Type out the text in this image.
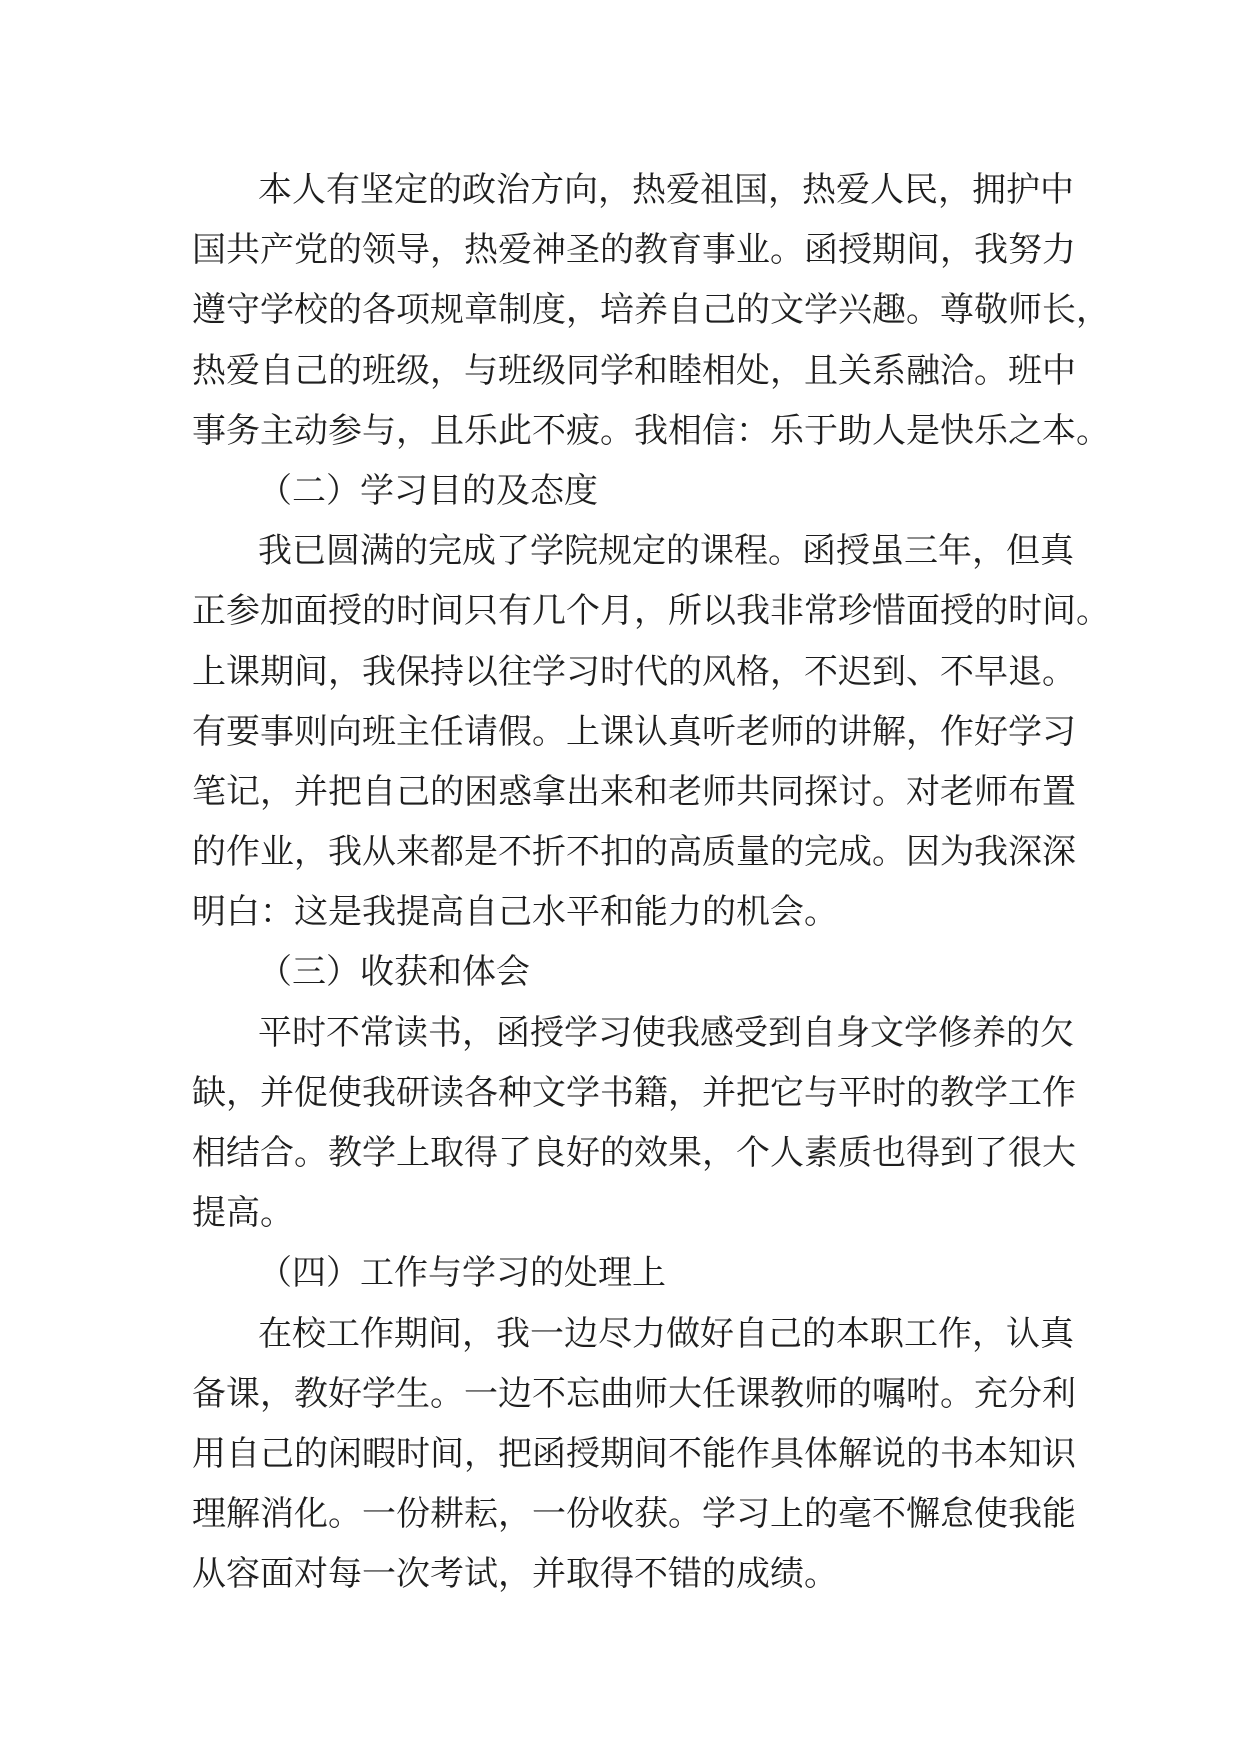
本人有坚定的政治方向，热爱祖国，热爱人民，拥护中
国共产党的领导，热爱神圣的教育事业。函授期间，我努力
遵守学校的各项规章制度，培养自己的文学兴趣。尊敬师长，
热爱自己的班级，与班级同学和睦相处，且关系融洽。班中
事务主动参与，且乐此不疲。我相信：乐于助人是快乐之本。
（二）学习目的及态度
我已圆满的完成了学院规定的课程。函授虽三年，但真
正参加面授的时间只有几个月，所以我非常珍惜面授的时间。
上课期间，我保持以往学习时代的风格，不迟到、不早退。
有要事则向班主任请假。上课认真听老师的讲解，作好学习
笔记，并把自己的困惑拿出来和老师共同探讨。对老师布置
的作业，我从来都是不折不扣的高质量的完成。因为我深深
明白：这是我提高自己水平和能力的机会。
（三）收获和体会
平时不常读书，函授学习使我感受到自身文学修养的欠
缺，并促使我研读各种文学书籍，并把它与平时的教学工作
相结合。教学上取得了良好的效果，个人素质也得到了很大
提高。
（四）工作与学习的处理上
在校工作期间，我一边尽力做好自己的本职工作，认真
备课，教好学生。一边不忘曲师大任课教师的嘱咐。充分利
用自己的闲暇时间，把函授期间不能作具体解说的书本知识
理解消化。一份耕耘，一份收获。学习上的毫不懈怠使我能
从容面对每一次考试，并取得不错的成绩。
